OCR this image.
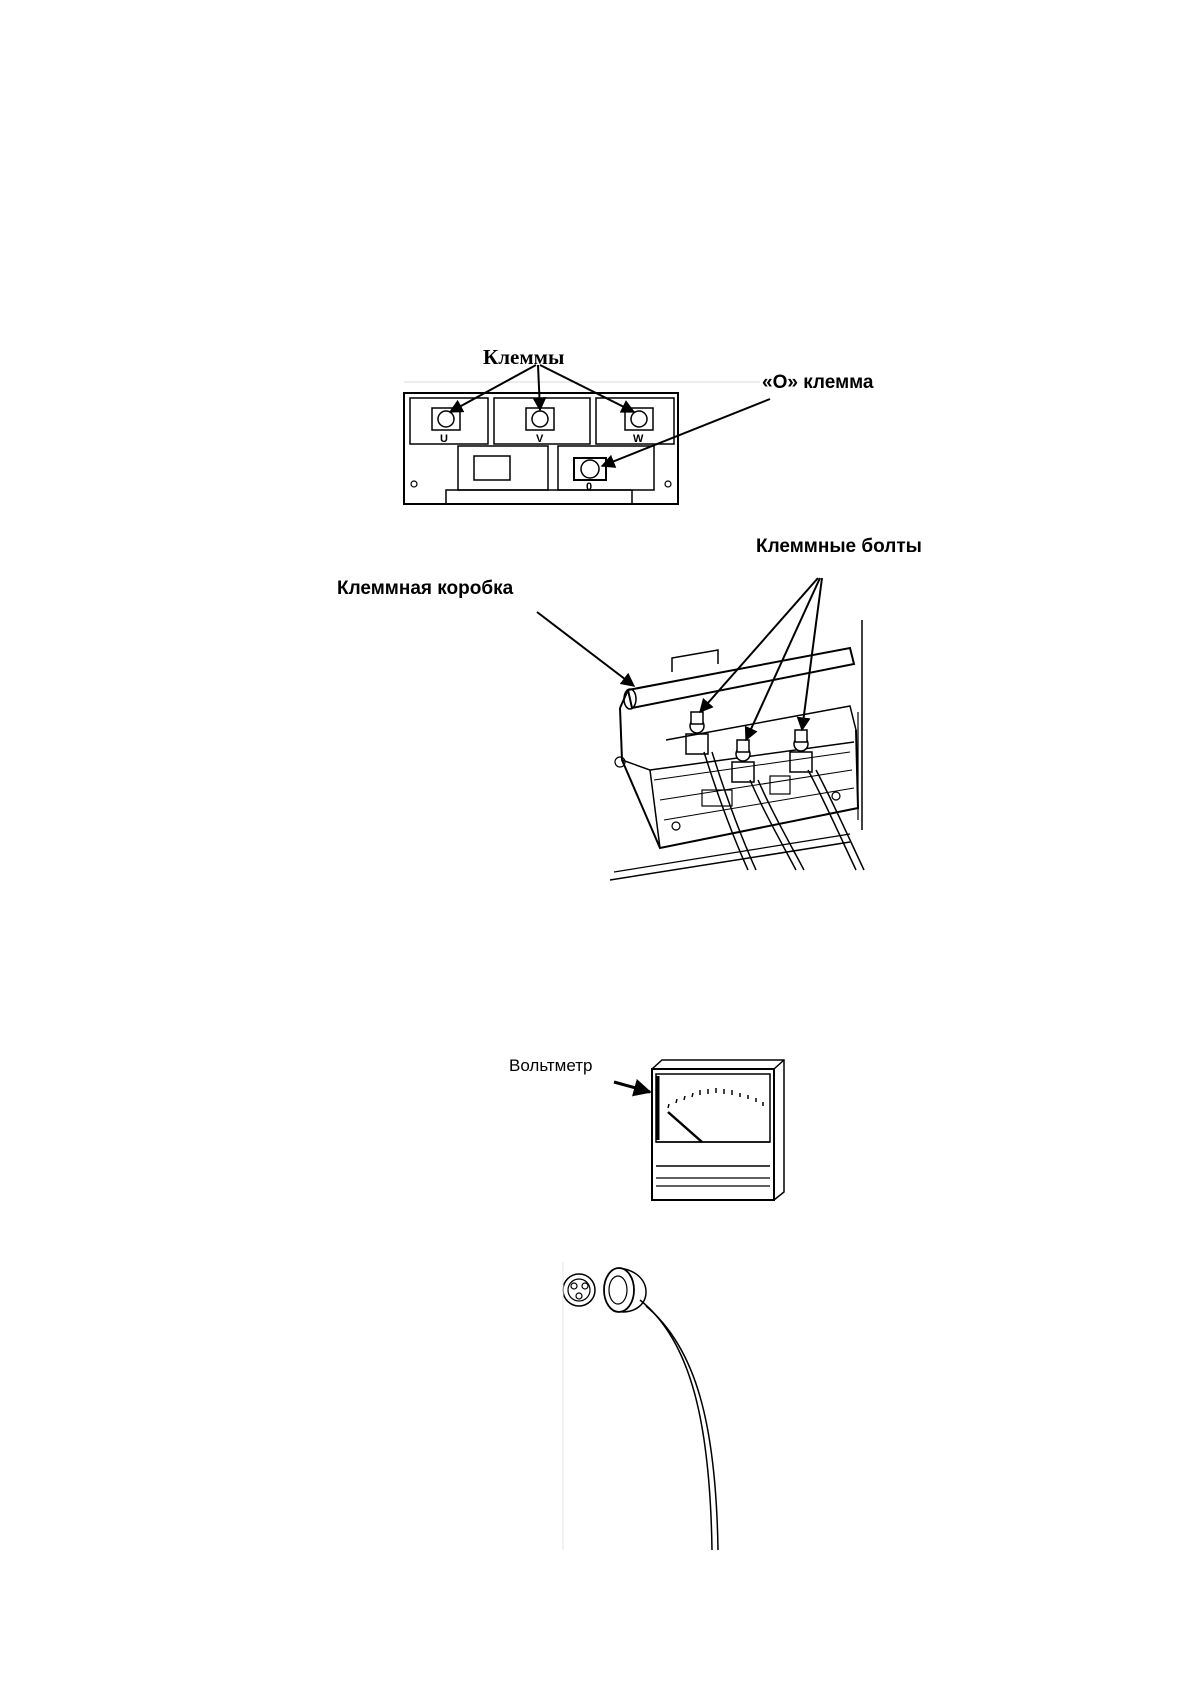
U	V	W
0
Клеммы
«O» клемма
Клеммная коробка
Клеммные болты
Вольтметр
